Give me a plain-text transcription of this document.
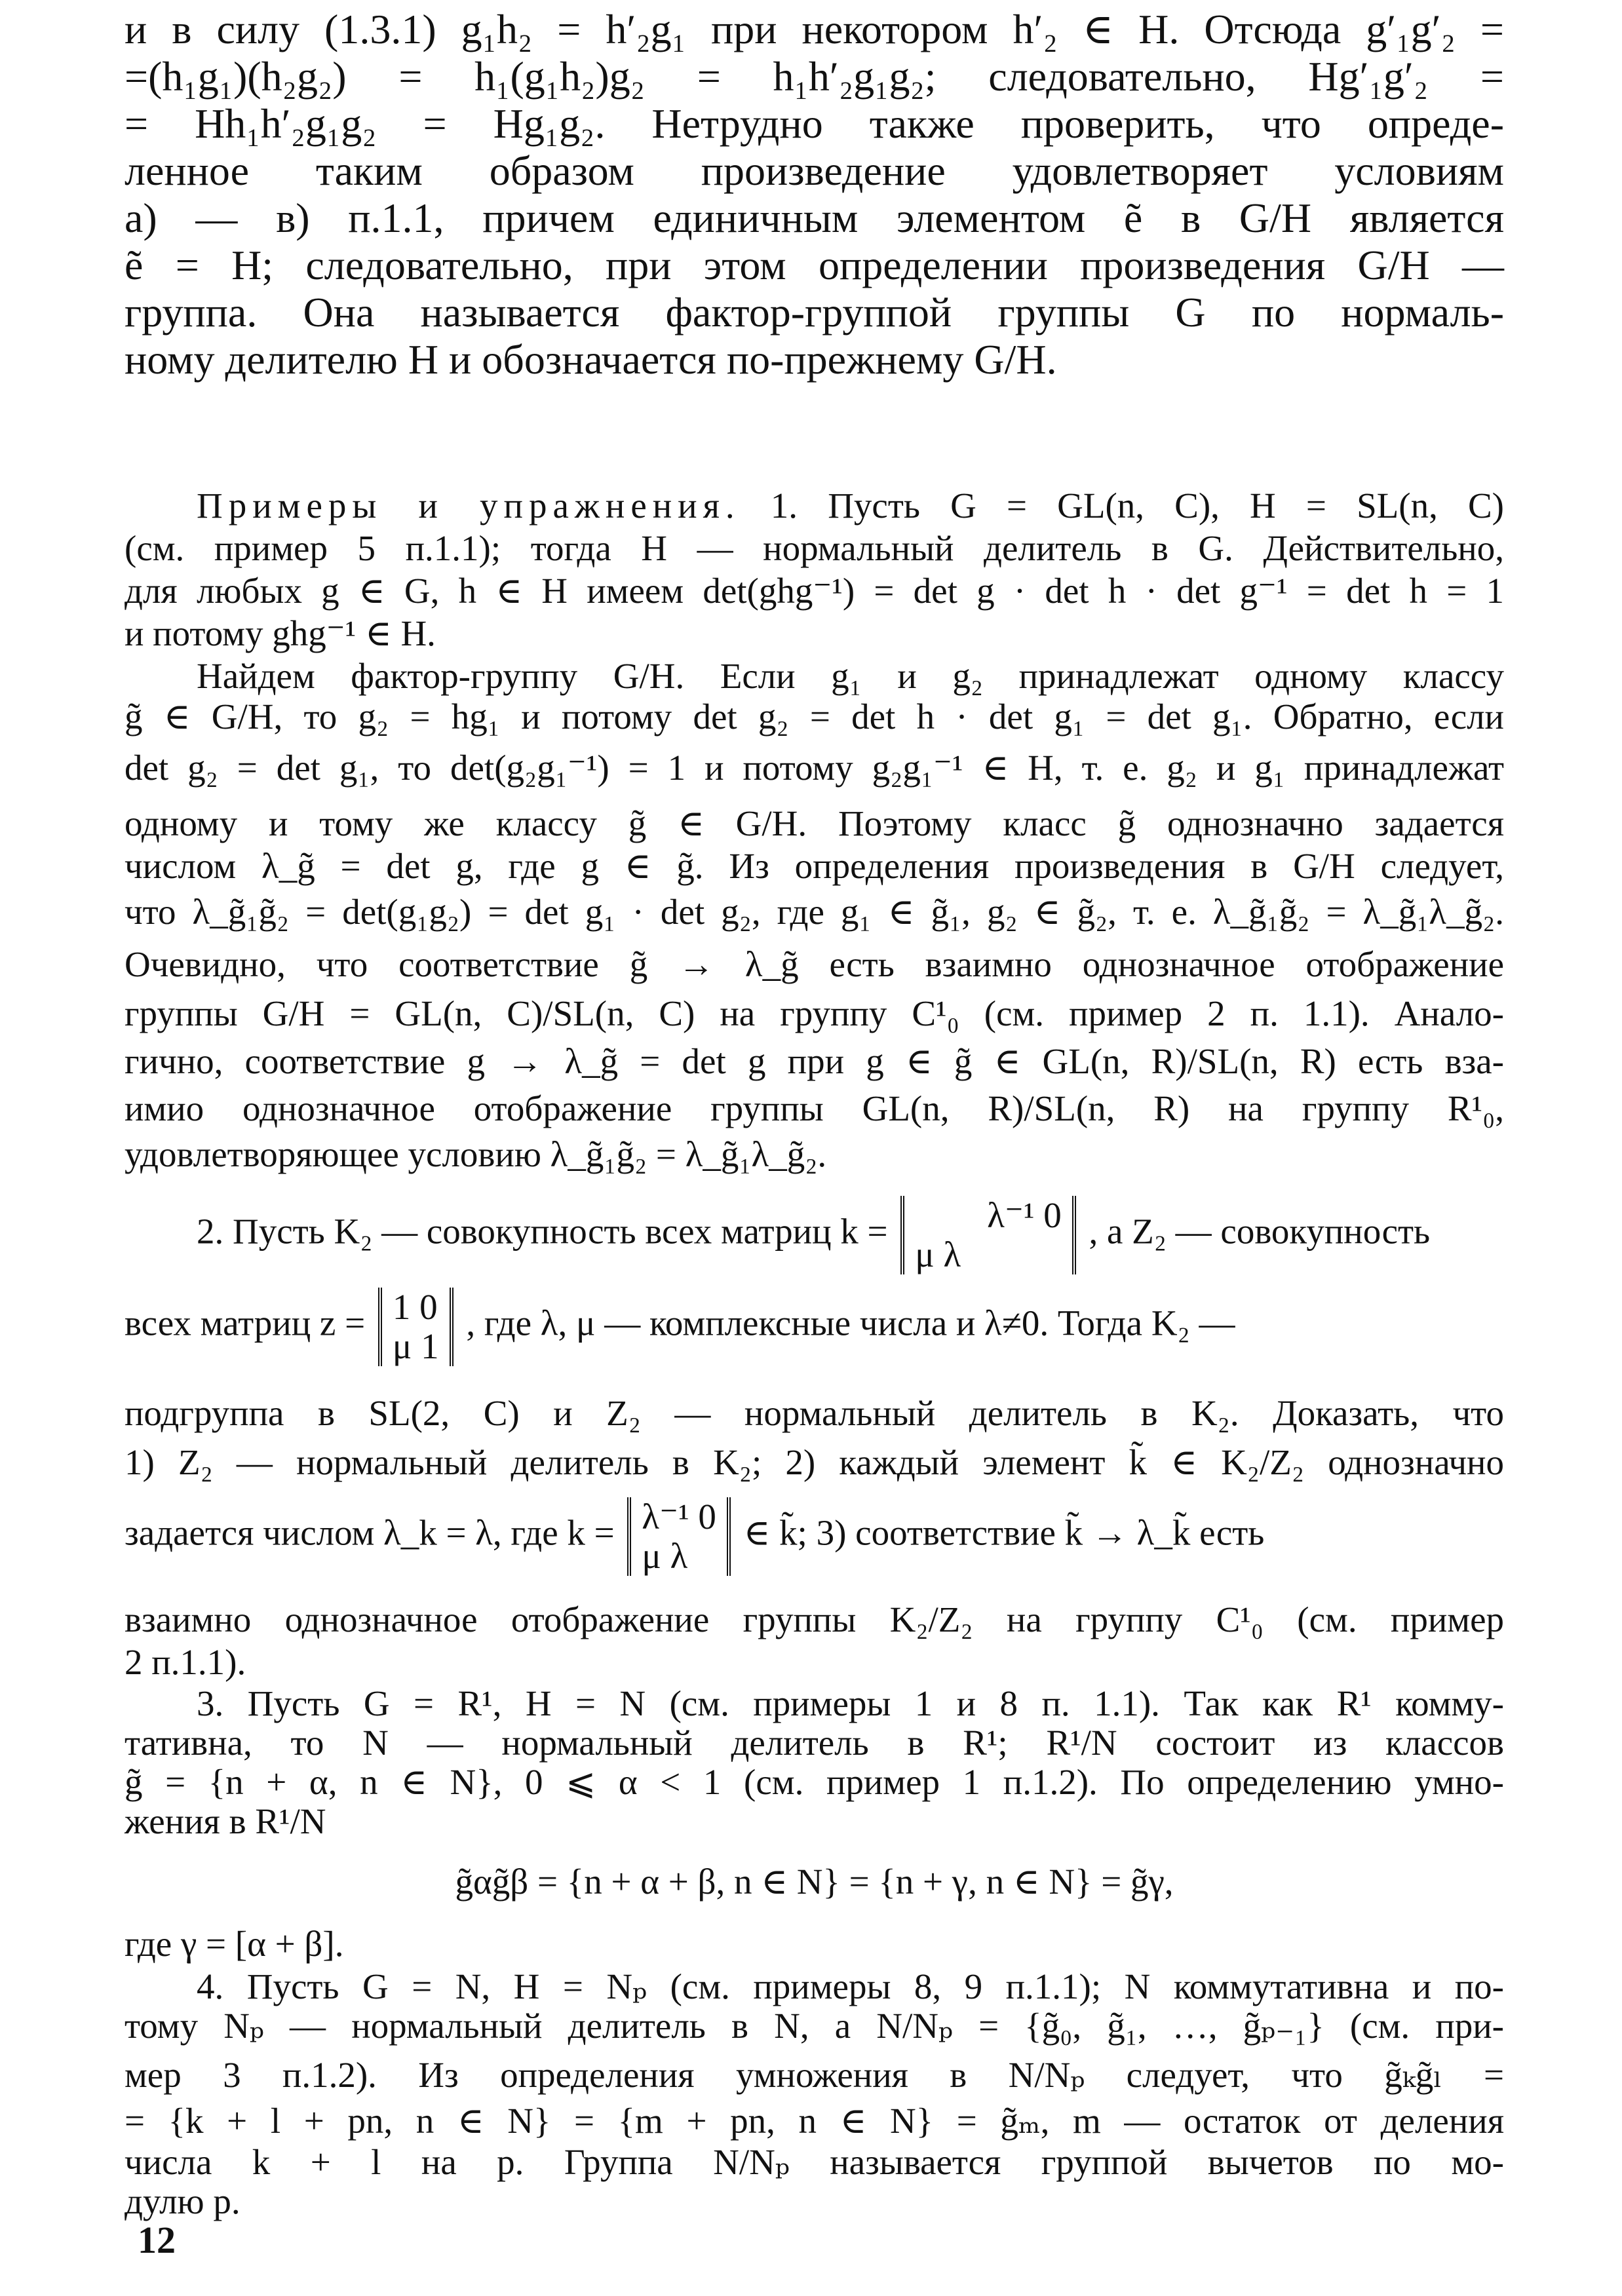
и в силу (1.3.1) g₁h₂ = h′₂g₁ при некотором h′₂ ∈ H. Отсюда g′₁g′₂ =
=(h₁g₁)(h₂g₂) = h₁(g₁h₂)g₂ = h₁h′₂g₁g₂; следовательно, Hg′₁g′₂ =
= Hh₁h′₂g₁g₂ = Hg₁g₂. Нетрудно также проверить, что опреде-
ленное таким образом произведение удовлетворяет условиям
а) — в) п.1.1, причем единичным элементом ẽ в G/H является
ẽ = H; следовательно, при этом определении произведения G/H —
группа. Она называется фактор-группой группы G по нормаль-
ному делителю H и обозначается по-прежнему G/H.
Примеры и упражнения. 1. Пусть G = GL(n, C), H = SL(n, C)
(см. пример 5 п.1.1); тогда H — нормальный делитель в G. Действительно,
для любых g ∈ G, h ∈ H имеем det(ghg⁻¹) = det g · det h · det g⁻¹ = det h = 1
и потому ghg⁻¹ ∈ H.
Найдем фактор-группу G/H. Если g₁ и g₂ принадлежат одному классу
g̃ ∈ G/H, то g₂ = hg₁ и потому det g₂ = det h · det g₁ = det g₁. Обратно, если
det g₂ = det g₁, то det(g₂g₁⁻¹) = 1 и потому g₂g₁⁻¹ ∈ H, т. е. g₂ и g₁ принадлежат
одному и тому же классу g̃ ∈ G/H. Поэтому класс g̃ однозначно задается
числом λ_g̃ = det g, где g ∈ g̃. Из определения произведения в G/H следует,
что λ_g̃₁g̃₂ = det(g₁g₂) = det g₁ · det g₂, где g₁ ∈ g̃₁, g₂ ∈ g̃₂, т. е. λ_g̃₁g̃₂ = λ_g̃₁λ_g̃₂.
Очевидно, что соответствие g̃ → λ_g̃ есть взаимно однозначное отображение
группы G/H = GL(n, C)/SL(n, C) на группу C¹₀ (см. пример 2 п. 1.1). Анало-
гично, соответствие g → λ_g̃ = det g при g ∈ g̃ ∈ GL(n, R)/SL(n, R) есть вза-
имио однозначное отображение группы GL(n, R)/SL(n, R) на группу R¹₀,
удовлетворяющее условию λ_g̃₁g̃₂ = λ_g̃₁λ_g̃₂.
2. Пусть K₂ — совокупность всех матриц k =	λ⁻¹ 0
μ λ , а Z₂ — совокупность
всех матриц z = 1 0
μ 1 , где λ, μ — комплексные числа и λ≠0. Тогда K₂ —
подгруппа в SL(2, C) и Z₂ — нормальный делитель в K₂. Доказать, что
1) Z₂ — нормальный делитель в K₂; 2) каждый элемент k̃ ∈ K₂/Z₂ однозначно
задается числом λ_k = λ, где k = λ⁻¹ 0
μ λ ∈ k̃; 3) соответствие k̃ → λ_k̃ есть
взаимно однозначное отображение группы K₂/Z₂ на группу C¹₀ (см. пример
2 п.1.1).
3. Пусть G = R¹, H = N (см. примеры 1 и 8 п. 1.1). Так как R¹ комму-
тативна, то N — нормальный делитель в R¹; R¹/N состоит из классов
g̃ = {n + α, n ∈ N}, 0 ⩽ α < 1 (см. пример 1 п.1.2). По определению умно-
жения в R¹/N
g̃αg̃β = {n + α + β, n ∈ N} = {n + γ, n ∈ N} = g̃γ,
где γ = [α + β].
4. Пусть G = N, H = Nₚ (см. примеры 8, 9 п.1.1); N коммутативна и по-
тому Nₚ — нормальный делитель в N, а N/Nₚ = {g̃₀, g̃₁, …, g̃ₚ₋₁} (см. при-
мер 3 п.1.2). Из определения умножения в N/Nₚ следует, что g̃ₖg̃ₗ =
= {k + l + pn, n ∈ N} = {m + pn, n ∈ N} = g̃ₘ, m — остаток от деления
числа k + l на p. Группа N/Nₚ называется группой вычетов по мо-
дулю p.
12
